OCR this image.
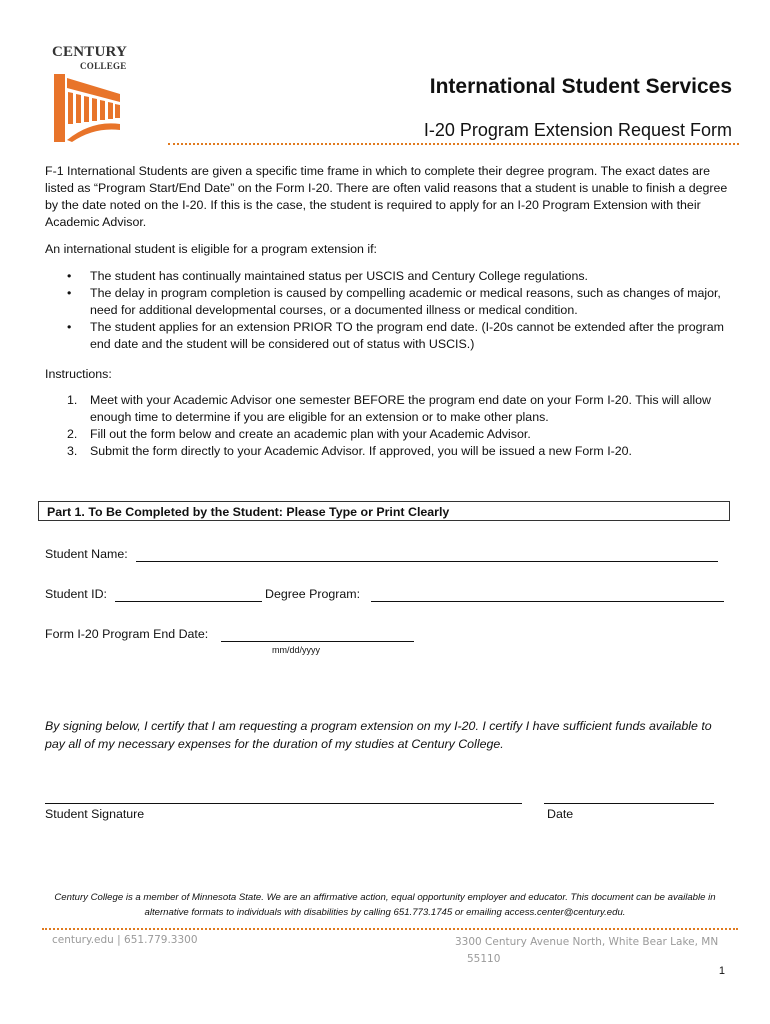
CENTURY
COLLEGE
International Student Services
I-20 Program Extension Request Form

F-1 International Students are given a specific time frame in which to complete their degree program. The exact dates are listed as “Program Start/End Date” on the Form I-20. There are often valid reasons that a student is unable to finish a degree by the date noted on the I-20. If this is the case, the student is required to apply for an I-20 Program Extension with their Academic Advisor.

An international student is eligible for a program extension if:

• The student has continually maintained status per USCIS and Century College regulations.
• The delay in program completion is caused by compelling academic or medical reasons, such as changes of major, need for additional developmental courses, or a documented illness or medical condition.
• The student applies for an extension PRIOR TO the program end date. (I-20s cannot be extended after the program end date and the student will be considered out of status with USCIS.)

Instructions:

1. Meet with your Academic Advisor one semester BEFORE the program end date on your Form I-20. This will allow enough time to determine if you are eligible for an extension or to make other plans.
2. Fill out the form below and create an academic plan with your Academic Advisor.
3. Submit the form directly to your Academic Advisor. If approved, you will be issued a new Form I-20.
Part 1. To Be Completed by the Student: Please Type or Print Clearly
Student Name:
Student ID:	Degree Program:
Form I-20 Program End Date:
mm/dd/yyyy

By signing below, I certify that I am requesting a program extension on my I-20. I certify I have sufficient funds available to pay all of my necessary expenses for the duration of my studies at Century College.

Student Signature	Date

Century College is a member of Minnesota State. We are an affirmative action, equal opportunity employer and educator. This document can be available in alternative formats to individuals with disabilities by calling 651.773.1745 or emailing access.center@century.edu.

century.edu | 651.779.3300	3300 Century Avenue North, White Bear Lake, MN
55110
1
